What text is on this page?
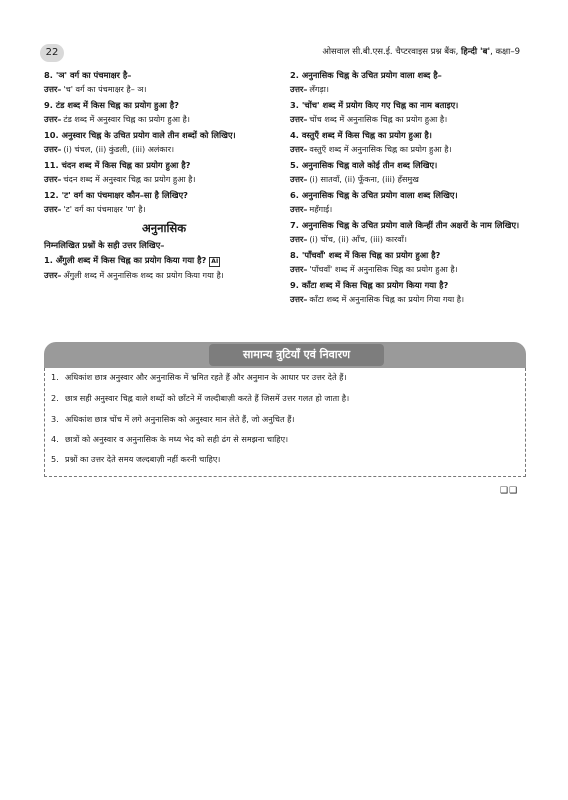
22	ओसवाल सी.बी.एस.ई. चैप्टरवाइस प्रश्न बैंक, हिन्दी 'ब', कक्षा–9
8. 'ञ' वर्ग का पंचमाक्षर है–
उत्तर– 'च' वर्ग का पंचमाक्षर है– ञ।
9. टंड शब्द में किस चिह्न का प्रयोग हुआ है?
उत्तर– टंड शब्द में अनुस्वार चिह्न का प्रयोग हुआ है।
10. अनुस्वार चिह्न के उचित प्रयोग वाले तीन शब्दों को लिखिए।
उत्तर– (i) चंचल, (ii) कुंडली, (iii) अलंकार।
11. चंदन शब्द में किस चिह्न का प्रयोग हुआ है?
उत्तर– चंदन शब्द में अनुस्वार चिह्न का प्रयोग हुआ है।
12. 'ट' वर्ग का पंचमाक्षर कौन–सा है लिखिए?
उत्तर– 'ट' वर्ग का पंचमाक्षर 'ण' है।
अनुनासिक
निम्नलिखित प्रश्नों के सही उत्तर लिखिए–
1. अँगुली शब्द में किस चिह्न का प्रयोग किया गया है? AI
उत्तर– अँगुली शब्द में अनुनासिक शब्द का प्रयोग किया गया है।
2. अनुनासिक चिह्न के उचित प्रयोग वाला शब्द है–
उत्तर– लँगड़ा।
3. 'चोंच' शब्द में प्रयोग किए गए चिह्न का नाम बताइए।
उत्तर– चोंच शब्द में अनुनासिक चिह्न का प्रयोग हुआ है।
4. वस्तुएँ शब्द में किस चिह्न का प्रयोग हुआ है।
उत्तर– वस्तुएँ शब्द में अनुनासिक चिह्न का प्रयोग हुआ है।
5. अनुनासिक चिह्न वाले कोई तीन शब्द लिखिए।
उत्तर– (i) सातवाँ, (ii) फूँकना, (iii) हँसमुख
6. अनुनासिक चिह्न के उचित प्रयोग वाला शब्द लिखिए।
उत्तर– महँगाई।
7. अनुनासिक चिह्न के उचित प्रयोग वाले किन्हीं तीन अक्षरों के नाम लिखिए।
उत्तर– (i) चोंच, (ii) आँच, (iii) कारवाँ।
8. 'पाँचवाँ' शब्द में किस चिह्न का प्रयोग हुआ है?
उत्तर– 'पाँचवाँ' शब्द में अनुनासिक चिह्न का प्रयोग हुआ है।
9. काँटा शब्द में किस चिह्न का प्रयोग किया गया है?
उत्तर– काँटा शब्द में अनुनासिक चिह्न का प्रयोग गिया गया है।
सामान्य त्रुटियाँ एवं निवारण
1. अधिकांश छात्र अनुस्वार और अनुनासिक में भ्रमित रहते हैं और अनुमान के आधार पर उत्तर देते हैं।
2. छात्र सही अनुस्वार चिह्न वाले शब्दों को छाँटने में जल्दीबाज़ी करते हैं जिसमें उत्तर गलत हो जाता है।
3. अधिकांश छात्र चोंच में लगे अनुनासिक को अनुस्वार मान लेते हैं, जो अनुचित हैं।
4. छात्रों को अनुस्वार व अनुनासिक के मध्य भेद को सही ढंग से समझना चाहिए।
5. प्रश्नों का उत्तर देते समय जल्दबाज़ी नहीं करनी चाहिए।
❑❑
